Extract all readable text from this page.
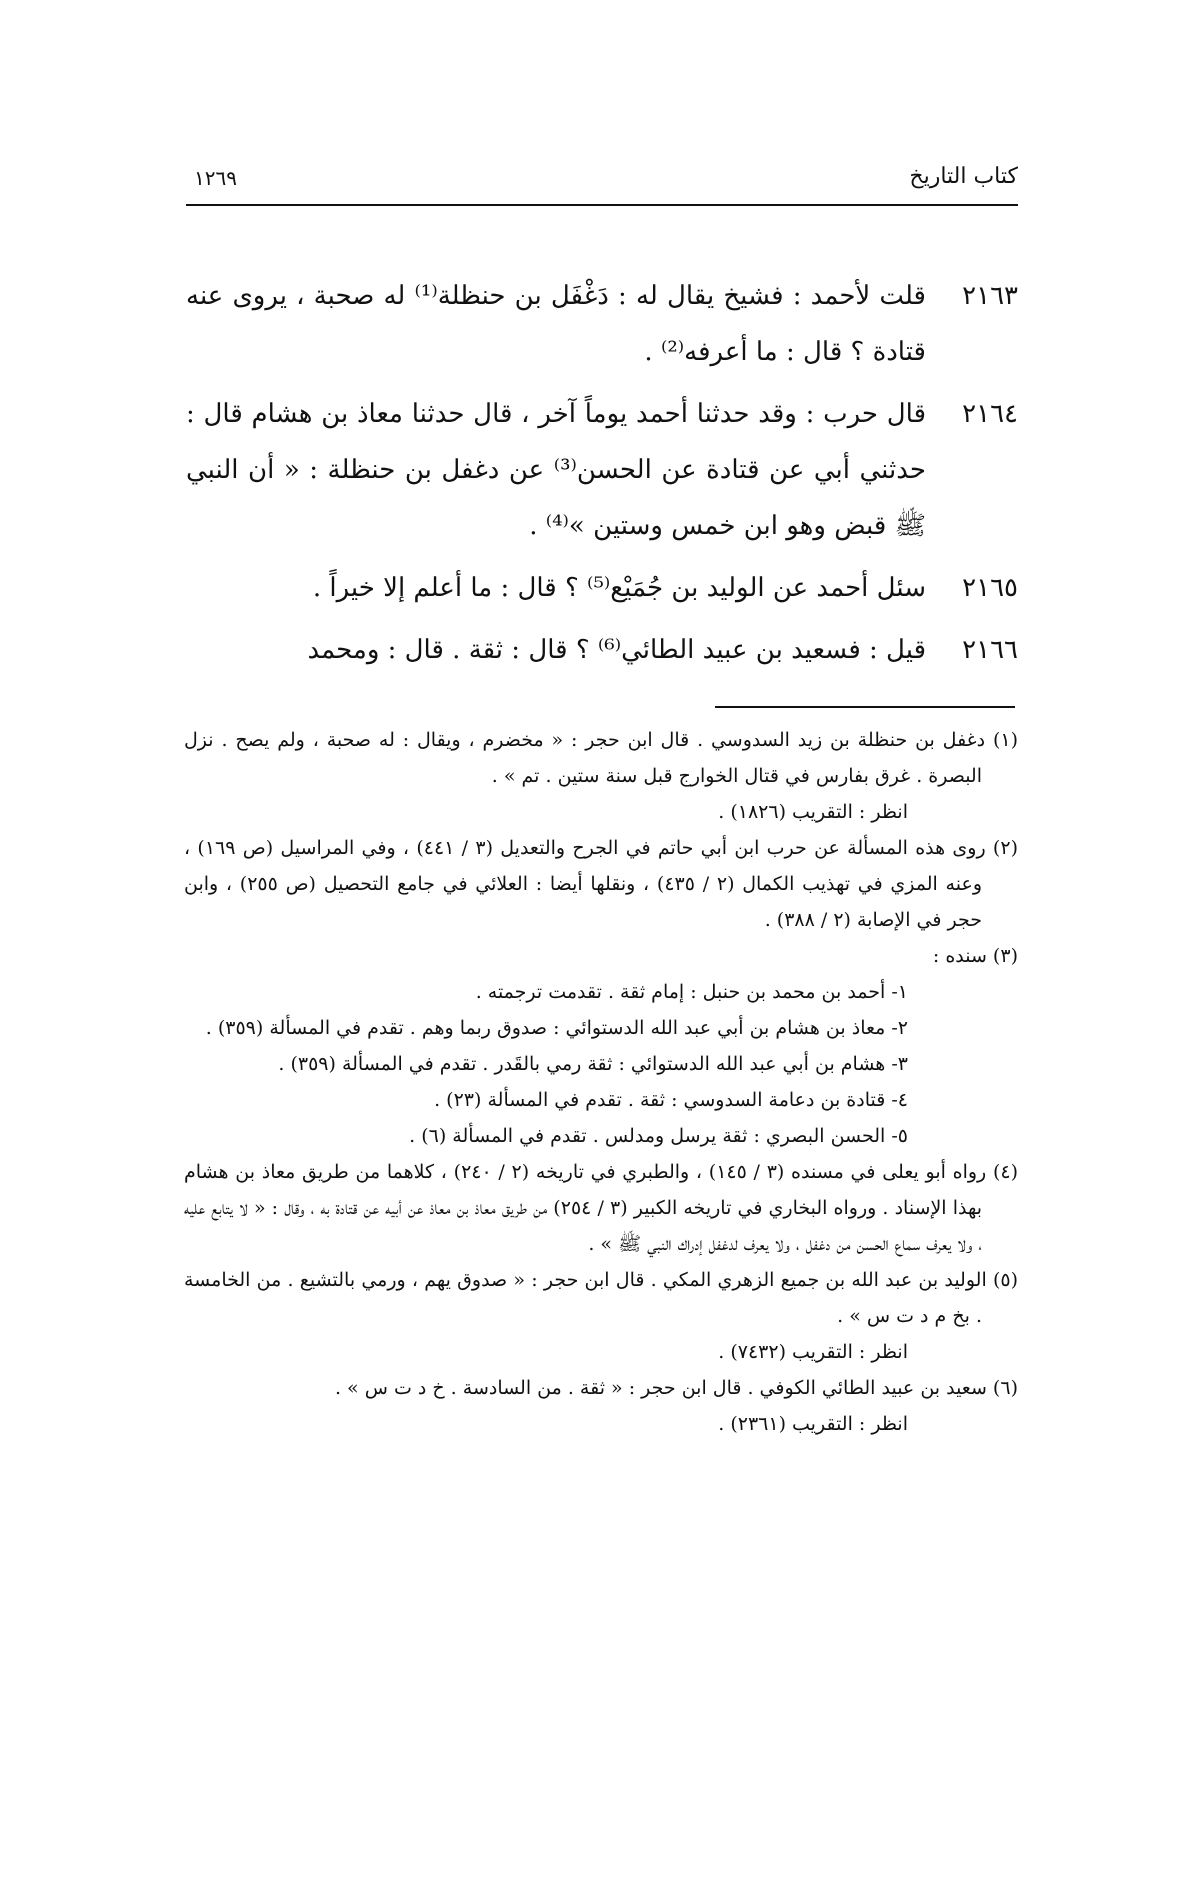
كتاب التاريخ
١٢٦٩
٢١٦٣
قلت لأحمد : فشيخ يقال له : دَغْفَل بن حنظلة⁽¹⁾ له صحبة ، يروى عنه قتادة ؟ قال : ما أعرفه⁽²⁾ .
٢١٦٤
قال حرب : وقد حدثنا أحمد يوماً آخر ، قال حدثنا معاذ بن هشام قال : حدثني أبي عن قتادة عن الحسن⁽³⁾ عن دغفل بن حنظلة : « أن النبي ﷺ قبض وهو ابن خمس وستين »⁽⁴⁾ .
٢١٦٥
سئل أحمد عن الوليد بن جُمَيْع⁽⁵⁾ ؟ قال : ما أعلم إلا خيراً .
٢١٦٦
قيل : فسعيد بن عبيد الطائي⁽⁶⁾ ؟ قال : ثقة . قال : ومحمد
(١) دغفل بن حنظلة بن زيد السدوسي . قال ابن حجر : « مخضرم ، ويقال : له صحبة ، ولم يصح . نزل البصرة . غرق بفارس في قتال الخوارج قبل سنة ستين . تم » .
انظر : التقريب (١٨٢٦) .
(٢) روى هذه المسألة عن حرب ابن أبي حاتم في الجرح والتعديل (٣ / ٤٤١) ، وفي المراسيل (ص ١٦٩) ، وعنه المزي في تهذيب الكمال (٢ / ٤٣٥) ، ونقلها أيضا : العلائي في جامع التحصيل (ص ٢٥٥) ، وابن حجر في الإصابة (٢ / ٣٨٨) .
(٣) سنده :
١- أحمد بن محمد بن حنبل : إمام ثقة . تقدمت ترجمته .
٢- معاذ بن هشام بن أبي عبد الله الدستوائي : صدوق ربما وهم . تقدم في المسألة (٣٥٩) .
٣- هشام بن أبي عبد الله الدستوائي : ثقة رمي بالقَدر . تقدم في المسألة (٣٥٩) .
٤- قتادة بن دعامة السدوسي : ثقة . تقدم في المسألة (٢٣) .
٥- الحسن البصري : ثقة يرسل ومدلس . تقدم في المسألة (٦) .
(٤) رواه أبو يعلى في مسنده (٣ / ١٤٥) ، والطبري في تاريخه (٢ / ٢٤٠) ، كلاهما من طريق معاذ بن هشام بهذا الإسناد . ورواه البخاري في تاريخه الكبير (٣ / ٢٥٤) من طريق معاذ بن معاذ عن أبيه عن قتادة به ، وقال : « لا يتابع عليه ، ولا يعرف سماع الحسن من دغفل ، ولا يعرف لدغفل إدراك النبي ﷺ » .
(٥) الوليد بن عبد الله بن جميع الزهري المكي . قال ابن حجر : « صدوق يهم ، ورمي بالتشيع . من الخامسة . بخ م د ت س » .
انظر : التقريب (٧٤٣٢) .
(٦) سعيد بن عبيد الطائي الكوفي . قال ابن حجر : « ثقة . من السادسة . خ د ت س » .
انظر : التقريب (٢٣٦١) .
